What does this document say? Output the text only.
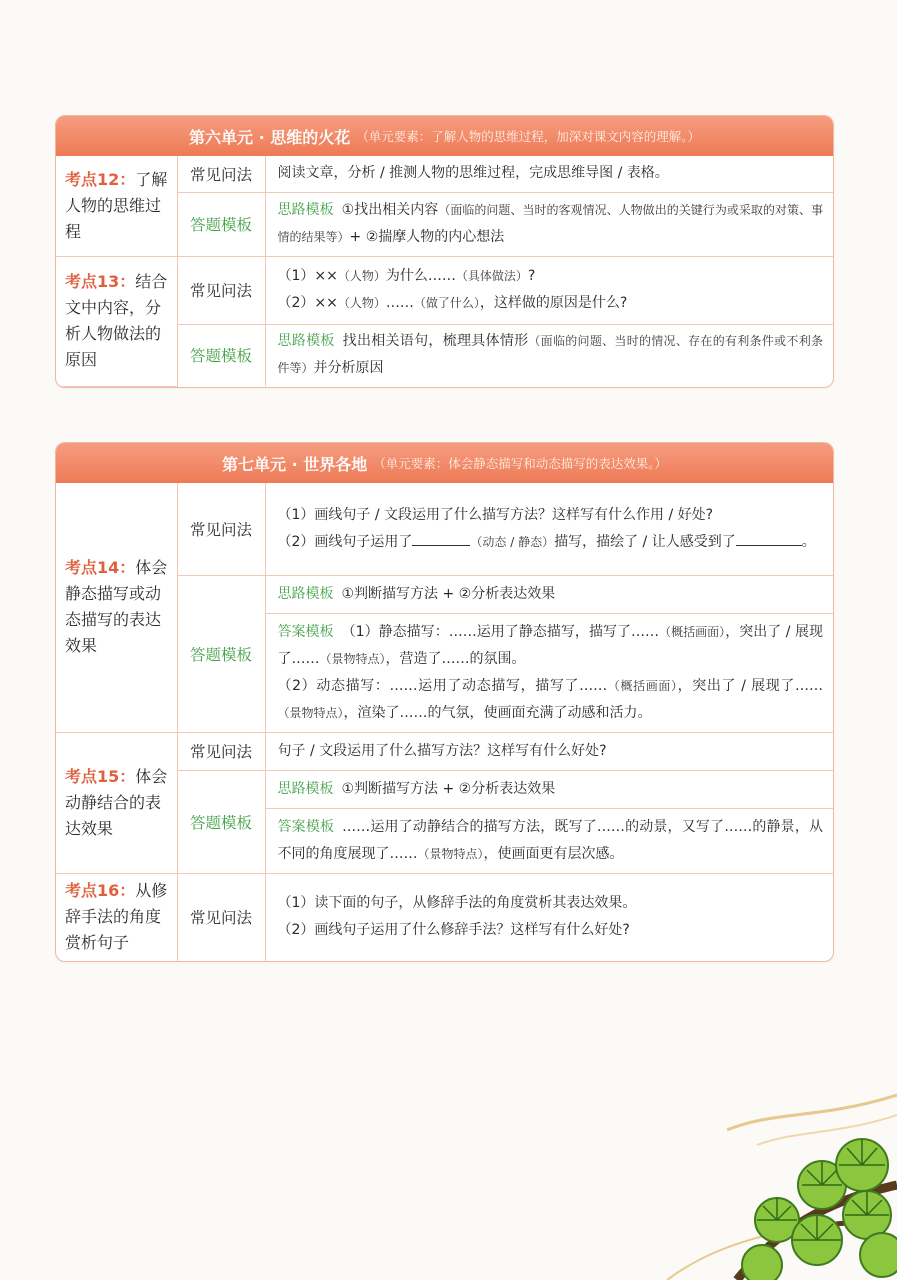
第六单元 · 思维的火花 （单元要素：了解人物的思维过程，加深对课文内容的理解。）
考点12：了解人物的思维过程	常见问法	阅读文章，分析 / 推测人物的思维过程，完成思维导图 / 表格。
	答题模板	思路模板 ①找出相关内容（面临的问题、当时的客观情况、人物做出的关键行为或采取的对策、事情的结果等）+ ②揣摩人物的内心想法
考点13：结合文中内容，分析人物做法的原因	常见问法	（1）××（人物）为什么……（具体做法）?
（2）××（人物）……（做了什么），这样做的原因是什么?

	答题模板	思路模板 找出相关语句，梳理具体情形（面临的问题、当时的情况、存在的有利条件或不利条件等）并分析原因
第七单元 · 世界各地 （单元要素：体会静态描写和动态描写的表达效果。）
考点14：体会静态描写或动态描写的表达效果	常见问法	（1）画线句子 / 文段运用了什么描写方法？这样写有什么作用 / 好处?
（2）画线句子运用了 （动态 / 静态）描写，描绘了 / 让人感受到了 。

	答题模板	思路模板 ①判断描写方法 + ②分析表达效果
答案模板 （1）静态描写：……运用了静态描写，描写了……（概括画面），突出了 / 展现了……（景物特点），营造了……的氛围。
（2）动态描写：……运用了动态描写，描写了……（概括画面），突出了 / 展现了……（景物特点），渲染了……的气氛，使画面充满了动感和活力。

考点15：体会动静结合的表达效果	常见问法	句子 / 文段运用了什么描写方法？这样写有什么好处?
	答题模板	思路模板 ①判断描写方法 + ②分析表达效果
答案模板 ……运用了动静结合的描写方法，既写了……的动景，又写了……的静景，从不同的角度展现了……（景物特点），使画面更有层次感。

考点16：从修辞手法的角度赏析句子	常见问法	（1）读下面的句子，从修辞手法的角度赏析其表达效果。
（2）画线句子运用了什么修辞手法？这样写有什么好处?
